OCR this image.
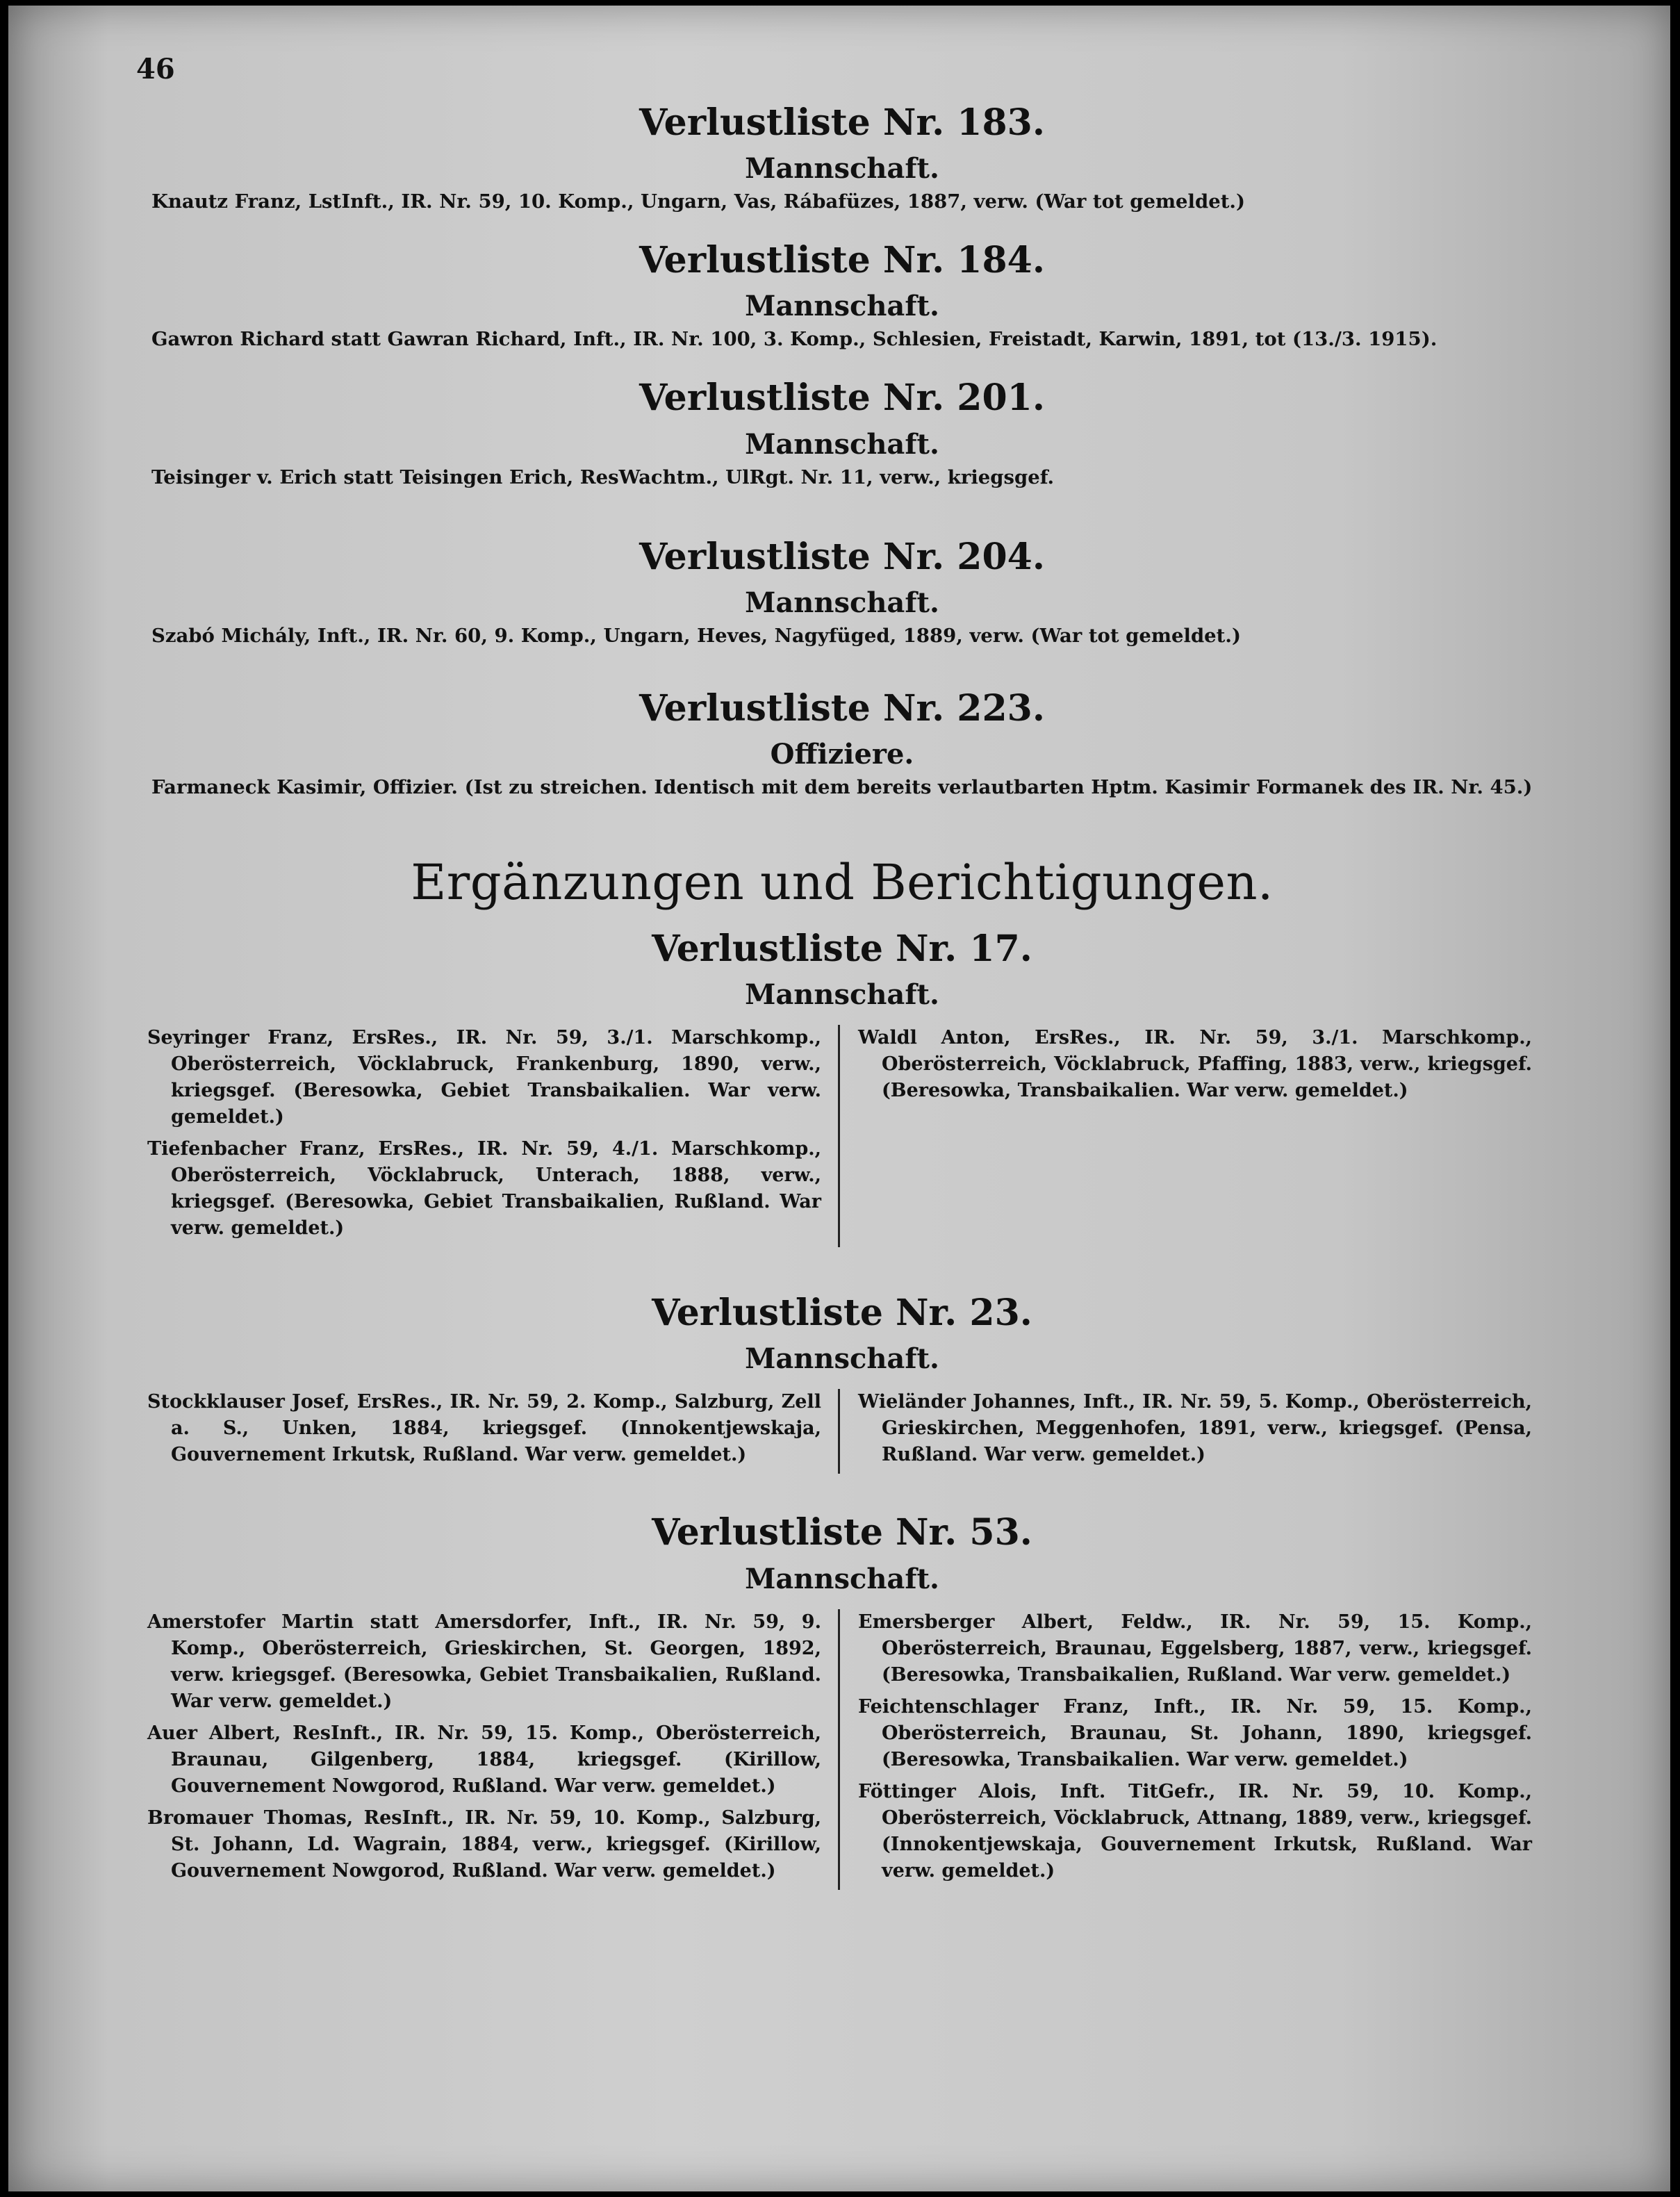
46
Verlustliste Nr. 183.
Mannschaft.
Knautz Franz, LstInft., IR. Nr. 59, 10. Komp., Ungarn, Vas, Rábafüzes, 1887, verw. (War tot gemeldet.)
Verlustliste Nr. 184.
Mannschaft.
Gawron Richard statt Gawran Richard, Inft., IR. Nr. 100, 3. Komp., Schlesien, Freistadt, Karwin, 1891, tot (13./3. 1915).
Verlustliste Nr. 201.
Mannschaft.
Teisinger v. Erich statt Teisingen Erich, ResWachtm., UlRgt. Nr. 11, verw., kriegsgef.
Verlustliste Nr. 204.
Mannschaft.
Szabó Michály, Inft., IR. Nr. 60, 9. Komp., Ungarn, Heves, Nagyfüged, 1889, verw. (War tot gemeldet.)
Verlustliste Nr. 223.
Offiziere.
Farmaneck Kasimir, Offizier. (Ist zu streichen. Identisch mit dem bereits verlautbarten Hptm. Kasimir Formanek des IR. Nr. 45.)
Ergänzungen und Berichtigungen.
Verlustliste Nr. 17.
Mannschaft.

Seyringer Franz, ErsRes., IR. Nr. 59, 3./1. Marschkomp., Oberösterreich, Vöcklabruck, Frankenburg, 1890, verw., kriegsgef. (Beresowka, Gebiet Transbaikalien. War verw. gemeldet.)

Tiefenbacher Franz, ErsRes., IR. Nr. 59, 4./1. Marschkomp., Oberösterreich, Vöcklabruck, Unterach, 1888, verw., kriegsgef. (Beresowka, Gebiet Transbaikalien, Rußland. War verw. gemeldet.)

Waldl Anton, ErsRes., IR. Nr. 59, 3./1. Marschkomp., Oberösterreich, Vöcklabruck, Pfaffing, 1883, verw., kriegsgef. (Beresowka, Transbaikalien. War verw. gemeldet.)

Verlustliste Nr. 23.
Mannschaft.

Stockklauser Josef, ErsRes., IR. Nr. 59, 2. Komp., Salzburg, Zell a. S., Unken, 1884, kriegsgef. (Innokentjewskaja, Gouvernement Irkutsk, Rußland. War verw. gemeldet.)

Wieländer Johannes, Inft., IR. Nr. 59, 5. Komp., Oberösterreich, Grieskirchen, Meggenhofen, 1891, verw., kriegsgef. (Pensa, Rußland. War verw. gemeldet.)

Verlustliste Nr. 53.
Mannschaft.

Amerstofer Martin statt Amersdorfer, Inft., IR. Nr. 59, 9. Komp., Oberösterreich, Grieskirchen, St. Georgen, 1892, verw. kriegsgef. (Beresowka, Gebiet Transbaikalien, Rußland. War verw. gemeldet.)

Auer Albert, ResInft., IR. Nr. 59, 15. Komp., Oberösterreich, Braunau, Gilgenberg, 1884, kriegsgef. (Kirillow, Gouvernement Nowgorod, Rußland. War verw. gemeldet.)

Bromauer Thomas, ResInft., IR. Nr. 59, 10. Komp., Salzburg, St. Johann, Ld. Wagrain, 1884, verw., kriegsgef. (Kirillow, Gouvernement Nowgorod, Rußland. War verw. gemeldet.)

Emersberger Albert, Feldw., IR. Nr. 59, 15. Komp., Oberösterreich, Braunau, Eggelsberg, 1887, verw., kriegsgef. (Beresowka, Transbaikalien, Rußland. War verw. gemeldet.)

Feichtenschlager Franz, Inft., IR. Nr. 59, 15. Komp., Oberösterreich, Braunau, St. Johann, 1890, kriegsgef. (Beresowka, Transbaikalien. War verw. gemeldet.)

Föttinger Alois, Inft. TitGefr., IR. Nr. 59, 10. Komp., Oberösterreich, Vöcklabruck, Attnang, 1889, verw., kriegsgef. (Innokentjewskaja, Gouvernement Irkutsk, Rußland. War verw. gemeldet.)
